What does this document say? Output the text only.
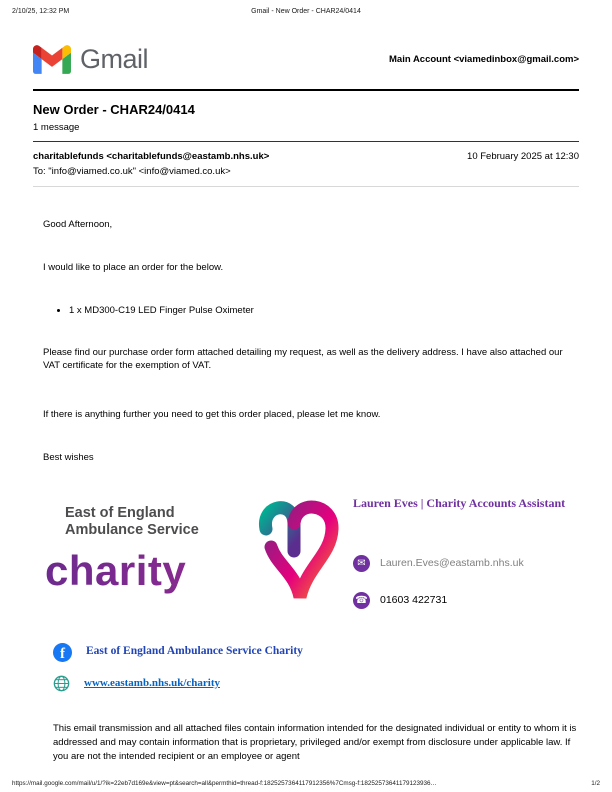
2/10/25, 12:32 PM	Gmail - New Order - CHAR24/0414
Gmail	Main Account <viamedinbox@gmail.com>
New Order - CHAR24/0414
1 message
charitablefunds <charitablefunds@eastamb.nhs.uk>	10 February 2025 at 12:30
To: "info@viamed.co.uk" <info@viamed.co.uk>

Good Afternoon,

I would like to place an order for the below.

• 1 x MD300-C19 LED Finger Pulse Oximeter

Please find our purchase order form attached detailing my request, as well as the delivery address. I have also attached our VAT certificate for the exemption of VAT.

If there is anything further you need to get this order placed, please let me know.

Best wishes

East of England
Ambulance Service
charity
Lauren Eves | Charity Accounts Assistant
✉	Lauren.Eves@eastamb.nhs.uk
☎ 01603 422731
f	East of England Ambulance Service Charity
www.eastamb.nhs.uk/charity
This email transmission and all attached files contain information intended for the designated individual or entity to whom it is addressed and may contain information that is proprietary, privileged and/or exempt from disclosure under applicable law. If you are not the intended recipient or an employee or agent
https://mail.google.com/mail/u/1/?ik=22eb7d169e&view=pt&search=all&permthid=thread-f:1825257364117912356%7Cmsg-f:18252573641179123936…	1/2
